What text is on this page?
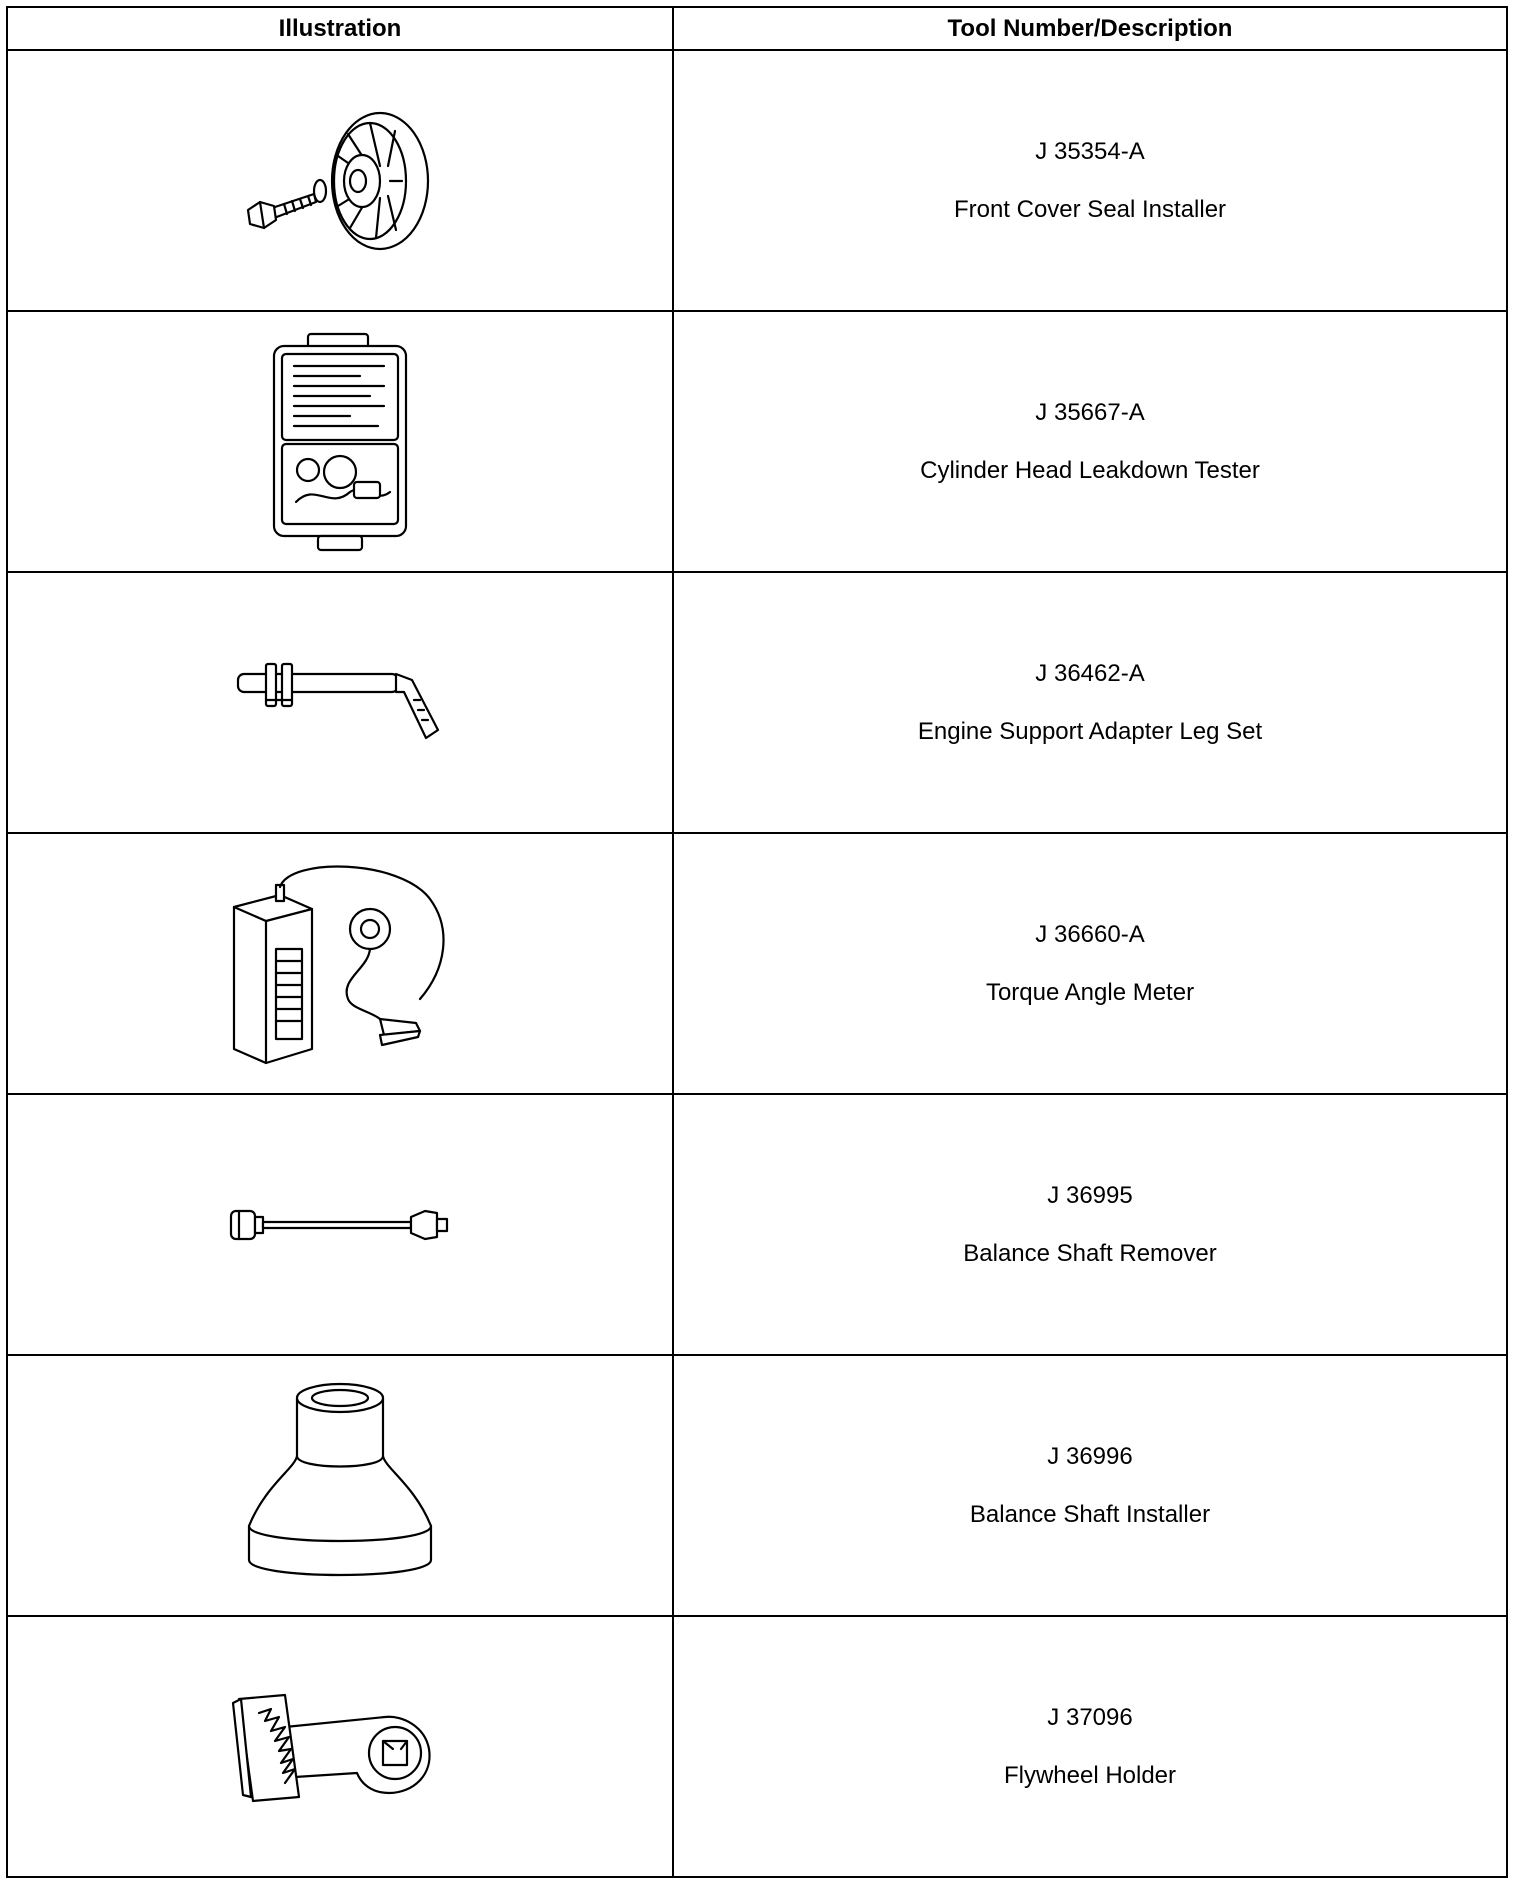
Illustration	Tool Number/Description

J 35354-A
Front Cover Seal Installer

J 35667-A
Cylinder Head Leakdown Tester

J 36462-A
Engine Support Adapter Leg Set

J 36660-A
Torque Angle Meter

J 36995
Balance Shaft Remover

J 36996
Balance Shaft Installer

J 37096
Flywheel Holder
